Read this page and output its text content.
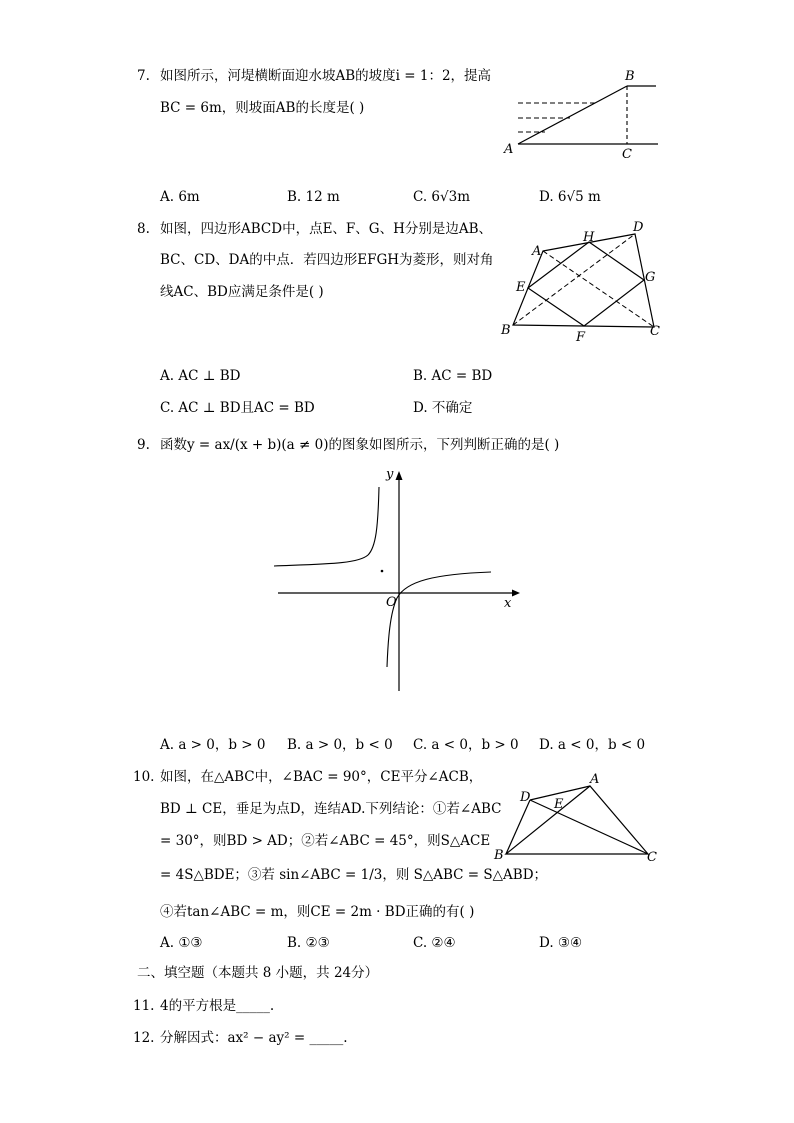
7. 如图所示，河堤横断面迎水坡AB的坡度i = 1：2，提高
BC = 6m，则坡面AB的长度是( )
A
B
C
A. 6m	B. 12 m	C. 6√3m	D. 6√5 m
8. 如图，四边形ABCD中，点E、F、G、H分别是边AB、
BC、CD、DA的中点．若四边形EFGH为菱形，则对角
线AC、BD应满足条件是( )
A
D
H
E
G
B	F	C
A. AC ⊥ BD	B. AC = BD
C. AC ⊥ BD且AC = BD	D. 不确定
9. 函数y = ax/(x + b)(a ≠ 0)的图象如图所示，下列判断正确的是( )
y
x
O
A. a > 0，b > 0 B. a > 0，b < 0 C. a < 0，b > 0 D. a < 0，b < 0
10. 如图，在△ABC中，∠BAC = 90°，CE平分∠ACB，
BD ⊥ CE，垂足为点D，连结AD.下列结论：①若∠ABC
= 30°，则BD > AD；②若∠ABC = 45°，则S△ACE
= 4S△BDE；③若 sin∠ABC = 1/3，则 S△ABC = S△ABD；
④若tan∠ABC = m，则CE = 2m · BD正确的有( )
A
D E
B	C
A. ①③	B. ②③	C. ②④	D. ③④
二、填空题（本题共 8 小题，共 24分）
11. 4的平方根是_____.
12. 分解因式：ax² − ay² = _____.
